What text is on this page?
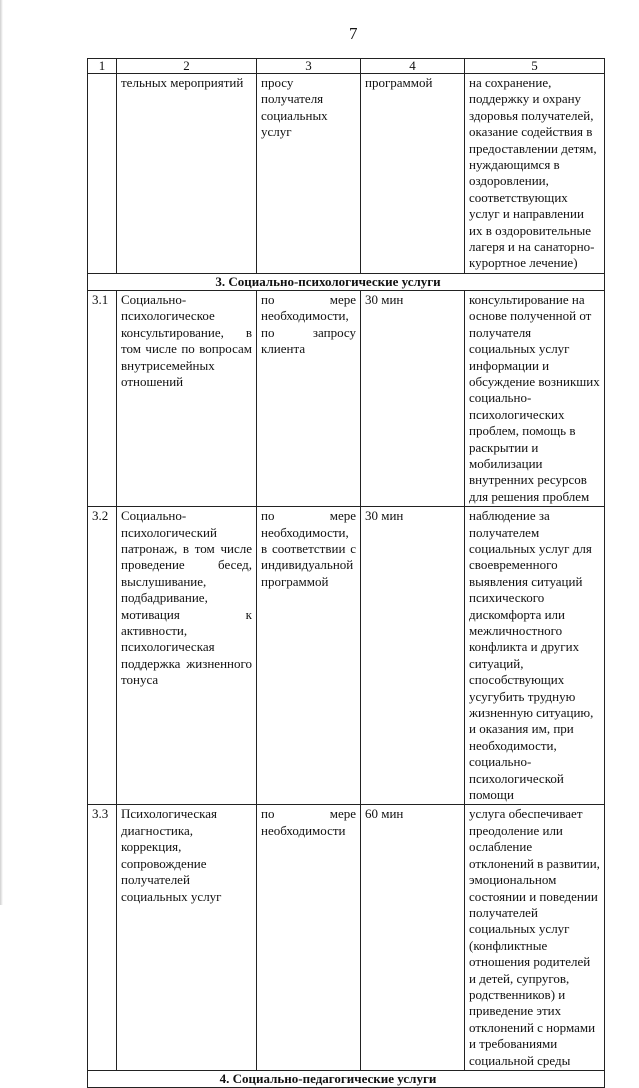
7
1	2	3	4	5
	тельных мероприятий	просу получателя социальных услуг	программой	на сохранение, поддержку и охрану здоровья получателей, оказание содействия в предоставлении детям, нуждающимся в оздоровлении, соответствующих услуг и направлении их в оздоровительные лагеря и на санаторно-курортное лечение)
3. Социально-психологические услуги				
3.1	Социально-психологическое консультирование, в том числе по вопросам внутрисемейных отношений	по мере необходимости, по запросу клиента	30 мин	консультирование на основе полученной от получателя социальных услуг информации и обсуждение возникших социально-психологических проблем, помощь в раскрытии и мобилизации внутренних ресурсов для решения проблем
3.2	Социально-психологический патронаж, в том числе проведение бесед, выслушивание, подбадривание, мотивация к активности, психологическая поддержка жизненного тонуса	по мере необходимости, в соответствии с индивидуальной программой	30 мин	наблюдение за получателем социальных услуг для своевременного выявления ситуаций психического дискомфорта или межличностного конфликта и других ситуаций, способствующих усугубить трудную жизненную ситуацию, и оказания им, при необходимости, социально-психологической помощи
3.3	Психологическая диагностика, коррекция, сопровождение получателей социальных услуг	по мере необходимости	60 мин	услуга обеспечивает преодоление или ослабление отклонений в развитии, эмоциональном состоянии и поведении получателей социальных услуг (конфликтные отношения родителей и детей, супругов, родственников) и приведение этих отклонений с нормами и требованиями социальной среды
4. Социально-педагогические услуги				
